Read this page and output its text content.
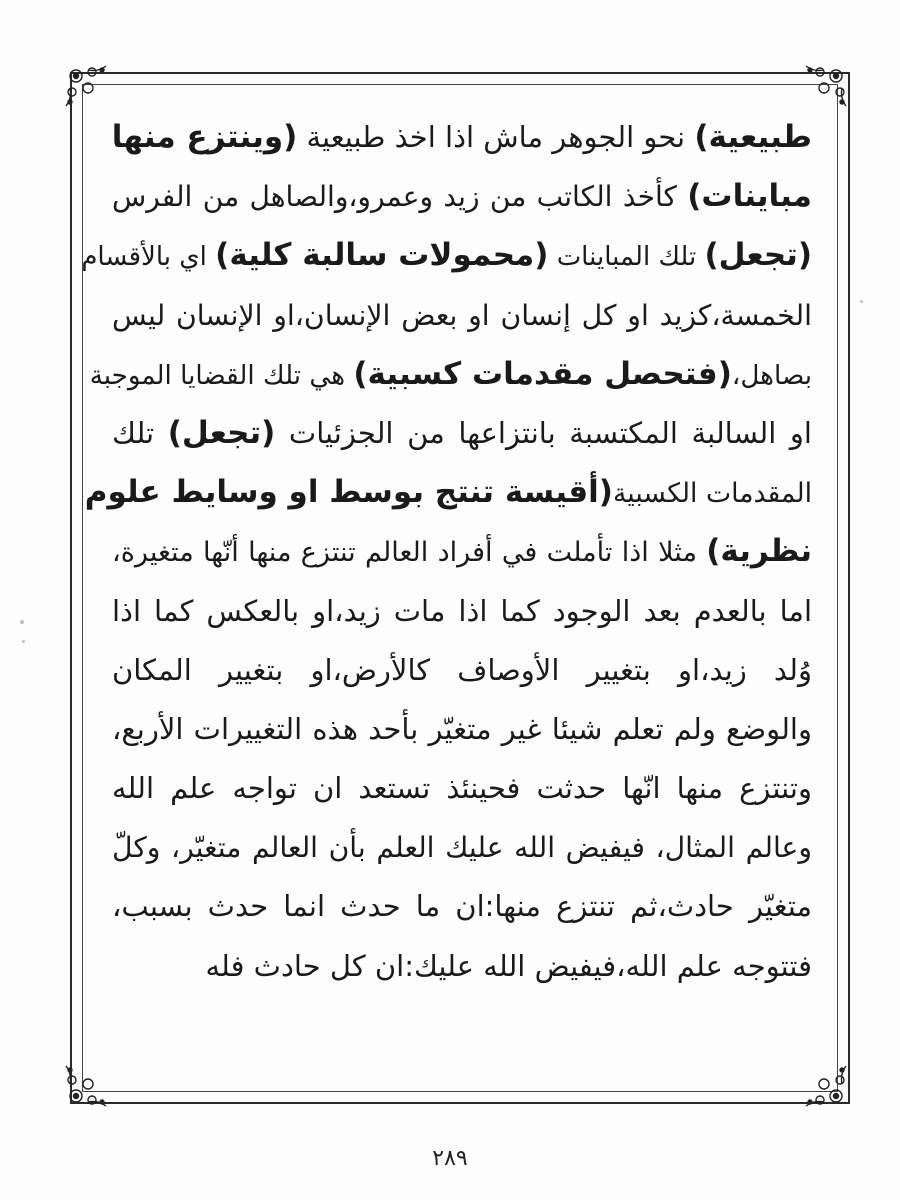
طبيعية) نحو الجوهر ماش اذا اخذ طبيعية (وينتزع منها
مباينات) كأخذ الكاتب من زيد وعمرو،والصاهل من الفرس
(تجعل) تلك المباينات (محمولات سالبة كلية) اي بالأقسام
الخمسة،كزيد او كل إنسان او بعض الإنسان،او الإنسان ليس
بصاهل،(فتحصل مقدمات كسبية) هي تلك القضايا الموجبة
او السالبة المكتسبة بانتزاعها من الجزئيات (تجعل) تلك
المقدمات الكسبية(أقيسة تنتج بوسط او وسايط علوم
نظرية) مثلا اذا تأملت في أفراد العالم تنتزع منها أنّها متغيرة،
اما بالعدم بعد الوجود كما اذا مات زيد،او بالعكس كما اذا
وُلد زيد،او بتغيير الأوصاف كالأرض،او بتغيير المكان
والوضع ولم تعلم شيئا غير متغيّر بأحد هذه التغييرات الأربع،
وتنتزع منها انّها حدثت فحينئذ تستعد ان تواجه علم الله
وعالم المثال، فيفيض الله عليك العلم بأن العالم متغيّر، وكلّ
متغيّر حادث،ثم تنتزع منها:ان ما حدث انما حدث بسبب،
فتتوجه علم الله،فيفيض الله عليك:ان كل حادث فله
٢٨٩
